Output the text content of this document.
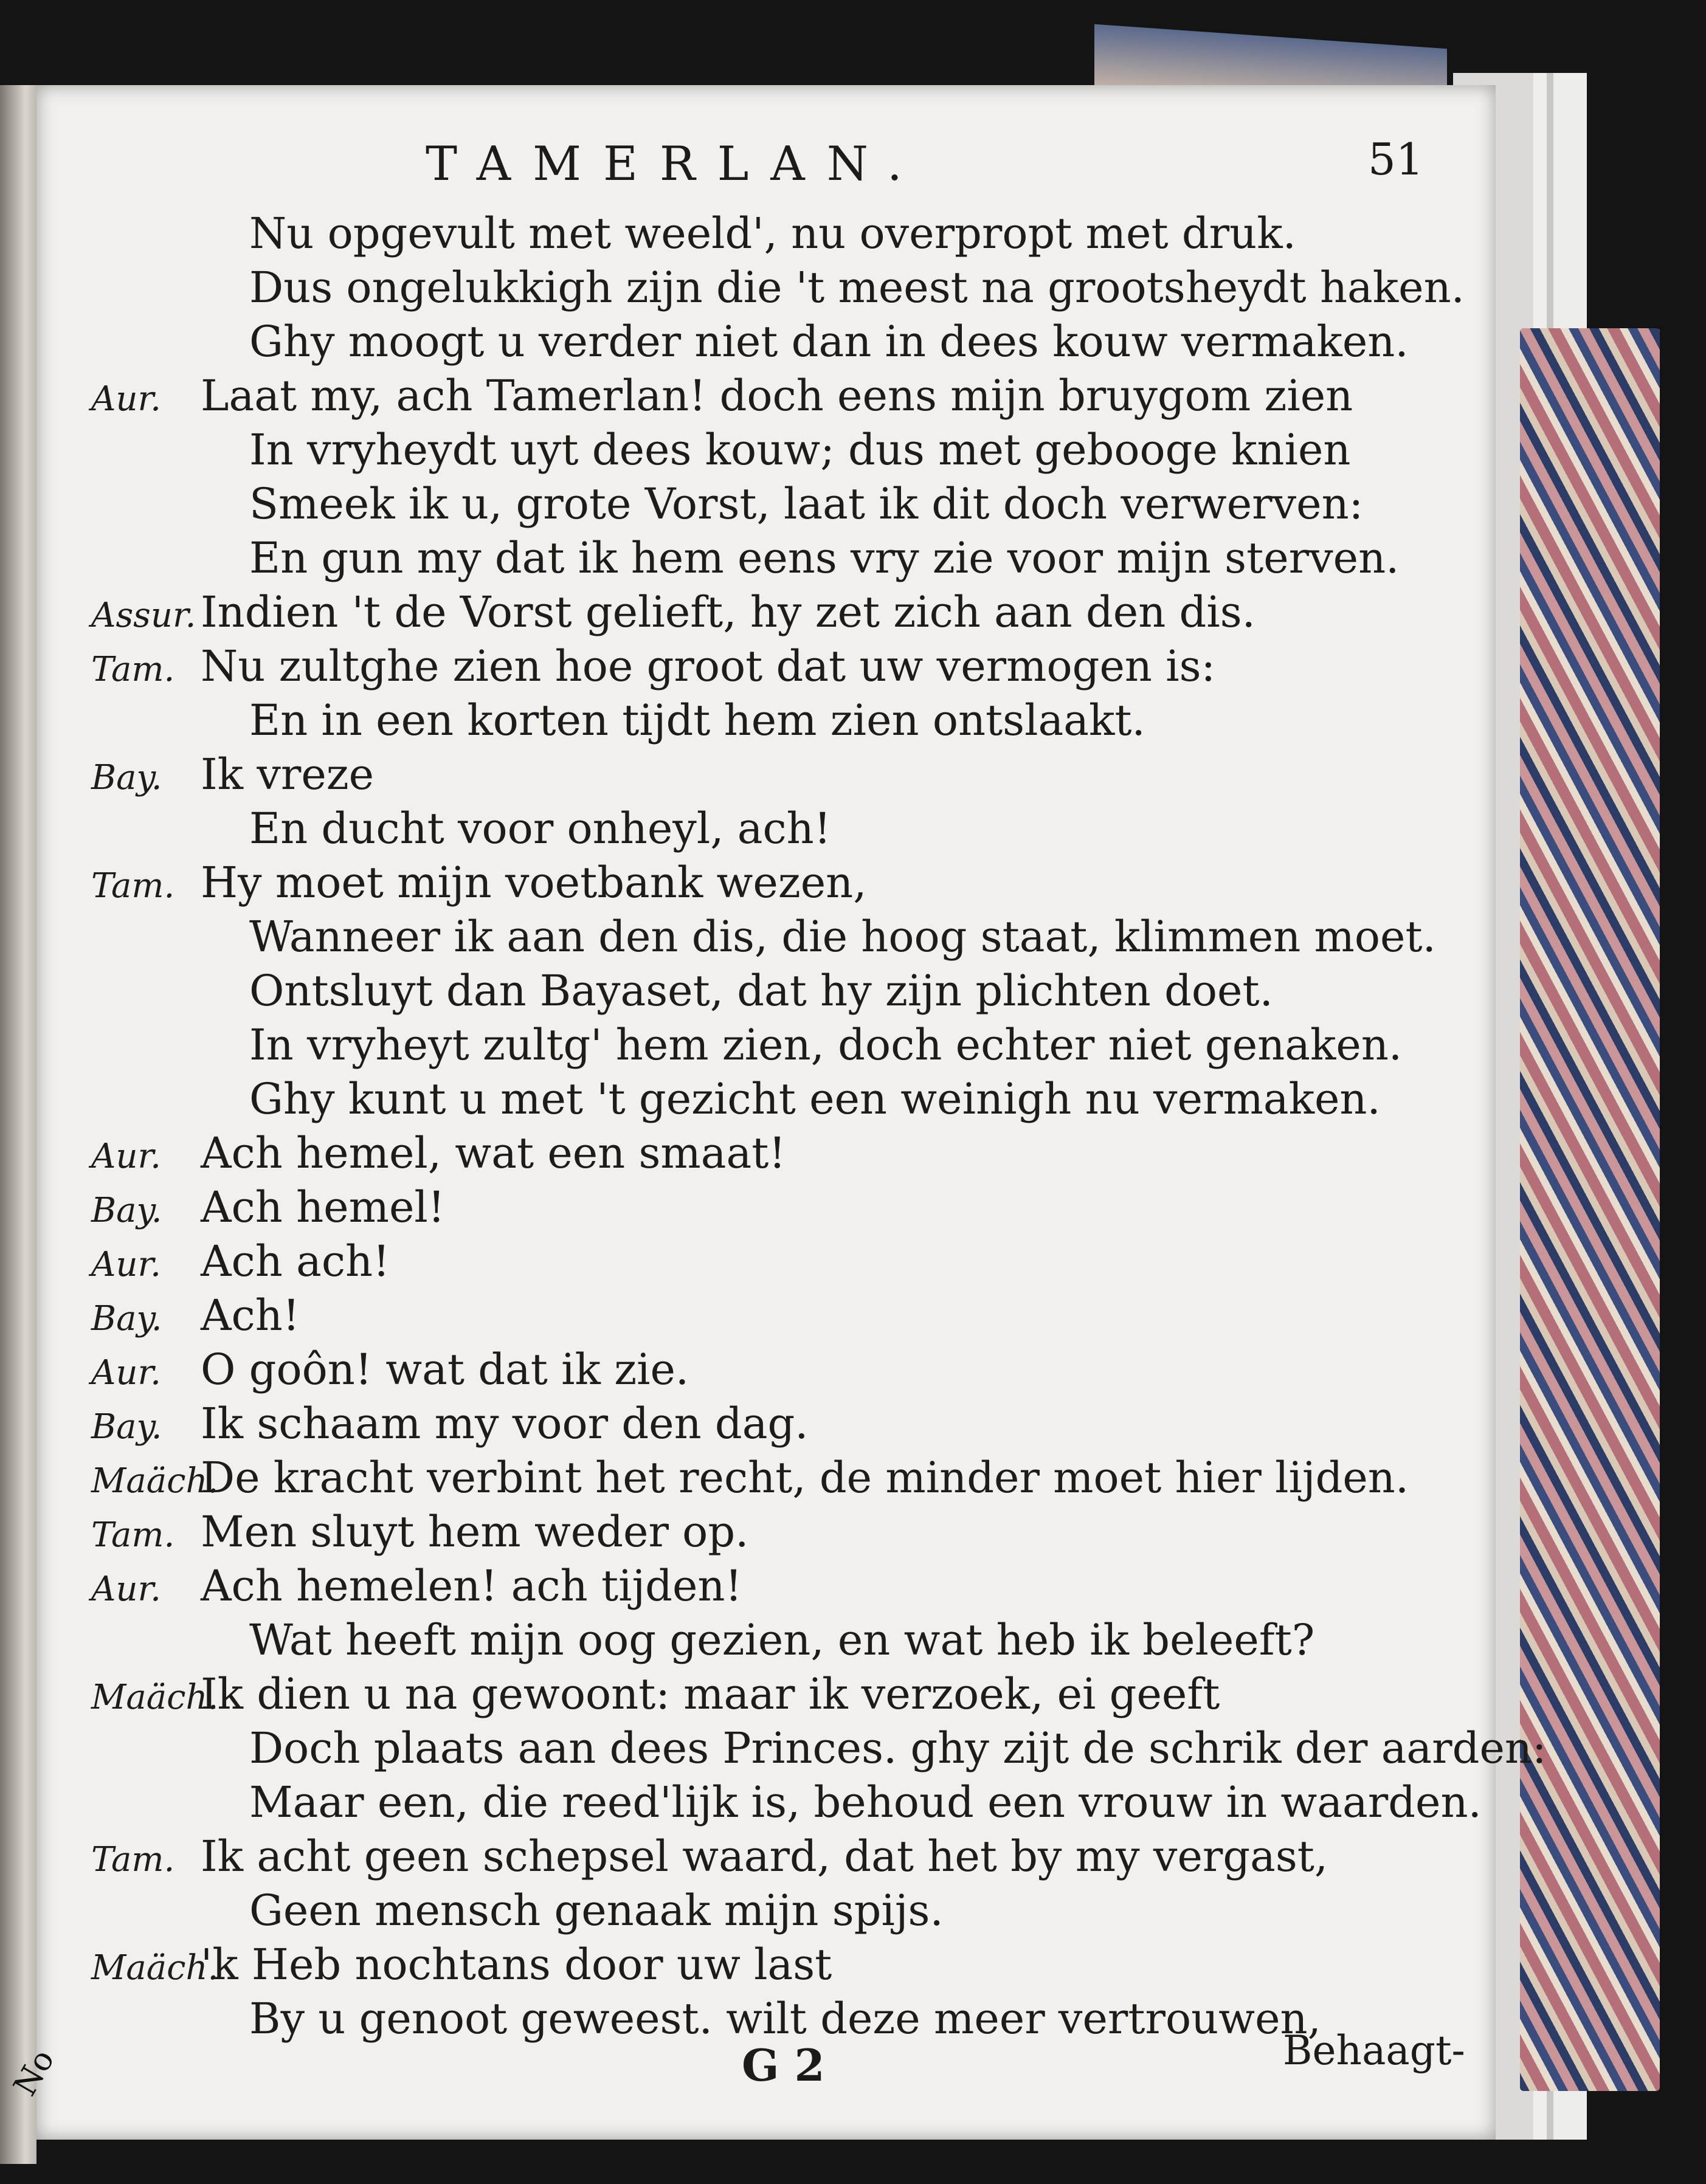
TAMERLAN.	51
Nu opgevult met weeld', nu overpropt met druk.
Dus ongelukkigh zijn die 't meest na grootsheydt haken.
Ghy moogt u verder niet dan in dees kouw vermaken.
Aur. Laat my, ach Tamerlan! doch eens mijn bruygom zien
In vryheydt uyt dees kouw; dus met gebooge knien
Smeek ik u, grote Vorst, laat ik dit doch verwerven:
En gun my dat ik hem eens vry zie voor mijn sterven.
Assur. Indien 't de Vorst gelieft, hy zet zich aan den dis.
Tam. Nu zultghe zien hoe groot dat uw vermogen is:
En in een korten tijdt hem zien ontslaakt.
Bay. Ik vreze
En ducht voor onheyl, ach!
Tam. Hy moet mijn voetbank wezen,
Wanneer ik aan den dis, die hoog staat, klimmen moet.
Ontsluyt dan Bayaset, dat hy zijn plichten doet.
In vryheyt zultg' hem zien, doch echter niet genaken.
Ghy kunt u met 't gezicht een weinigh nu vermaken.
Aur. Ach hemel, wat een smaat!
Bay. Ach hemel!
Aur. Ach ach!
Bay. Ach!
Aur. O goôn! wat dat ik zie.
Bay. Ik schaam my voor den dag.
Maäch.De kracht verbint het recht, de minder moet hier lijden.
Tam. Men sluyt hem weder op.
Aur. Ach hemelen! ach tijden!
Wat heeft mijn oog gezien, en wat heb ik beleeft?
Maäch.Ik dien u na gewoont: maar ik verzoek, ei geeft
Doch plaats aan dees Princes. ghy zijt de schrik der aarden:
Maar een, die reed'lijk is, behoud een vrouw in waarden.
Tam. Ik acht geen schepsel waard, dat het by my vergast,
Geen mensch genaak mijn spijs.
Maäch.'k Heb nochtans door uw last
By u genoot geweest. wilt deze meer vertrouwen,
G 2	Behaagt-
No
